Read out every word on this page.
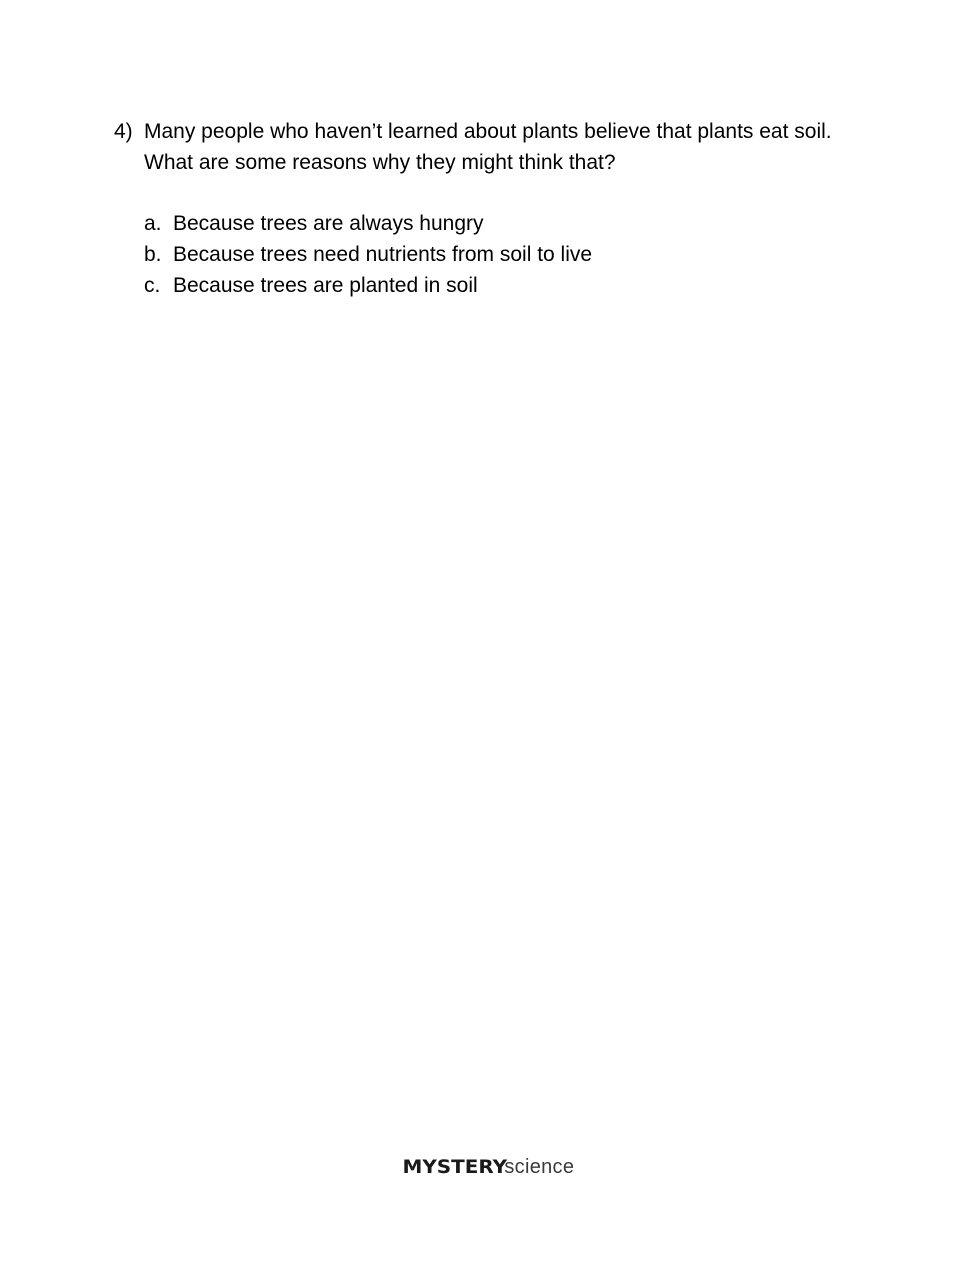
4) Many people who haven’t learned about plants believe that plants eat soil. What are some reasons why they might think that?
a. Because trees are always hungry
b. Because trees need nutrients from soil to live
c. Because trees are planted in soil
MYSTERYscience
